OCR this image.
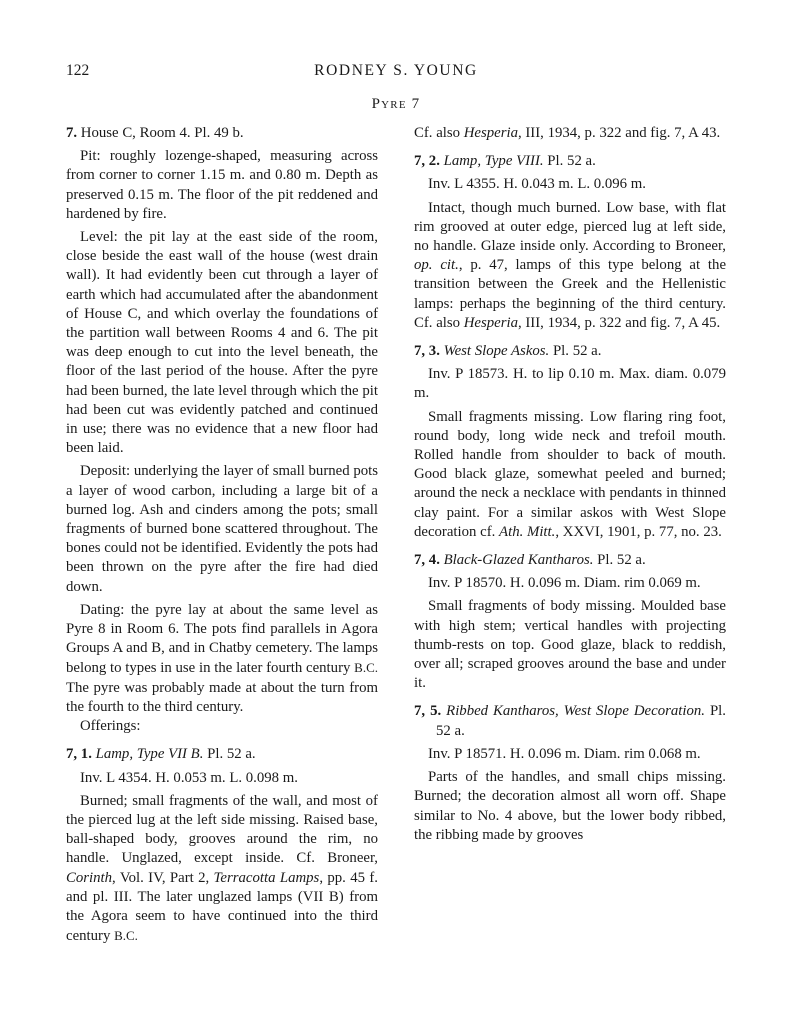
122	RODNEY S. YOUNG
Pyre 7

7. House C, Room 4. Pl. 49 b.

Pit: roughly lozenge-shaped, measuring across from corner to corner 1.15 m. and 0.80 m. Depth as preserved 0.15 m. The floor of the pit reddened and hardened by fire.

Level: the pit lay at the east side of the room, close beside the east wall of the house (west drain wall). It had evidently been cut through a layer of earth which had accumulated after the abandonment of House C, and which overlay the foundations of the partition wall between Rooms 4 and 6. The pit was deep enough to cut into the level beneath, the floor of the last period of the house. After the pyre had been burned, the late level through which the pit had been cut was evidently patched and continued in use; there was no evidence that a new floor had been laid.

Deposit: underlying the layer of small burned pots a layer of wood carbon, including a large bit of a burned log. Ash and cinders among the pots; small fragments of burned bone scattered throughout. The bones could not be identified. Evidently the pots had been thrown on the pyre after the fire had died down.

Dating: the pyre lay at about the same level as Pyre 8 in Room 6. The pots find parallels in Agora Groups A and B, and in Chatby cemetery. The lamps belong to types in use in the later fourth century B.C. The pyre was probably made at about the turn from the fourth to the third century.

Offerings:

7, 1. Lamp, Type VII B. Pl. 52 a.

Inv. L 4354. H. 0.053 m. L. 0.098 m.

Burned; small fragments of the wall, and most of the pierced lug at the left side missing. Raised base, ball-shaped body, grooves around the rim, no handle. Unglazed, except inside. Cf. Broneer, Corinth, Vol. IV, Part 2, Terracotta Lamps, pp. 45 f. and pl. III. The later unglazed lamps (VII B) from the Agora seem to have continued into the third century B.C.

Cf. also Hesperia, III, 1934, p. 322 and fig. 7, A 43.

7, 2. Lamp, Type VIII. Pl. 52 a.

Inv. L 4355. H. 0.043 m. L. 0.096 m.

Intact, though much burned. Low base, with flat rim grooved at outer edge, pierced lug at left side, no handle. Glaze inside only. According to Broneer, op. cit., p. 47, lamps of this type belong at the transition between the Greek and the Hellenistic lamps: perhaps the beginning of the third century. Cf. also Hesperia, III, 1934, p. 322 and fig. 7, A 45.

7, 3. West Slope Askos. Pl. 52 a.

Inv. P 18573. H. to lip 0.10 m. Max. diam. 0.079 m.

Small fragments missing. Low flaring ring foot, round body, long wide neck and trefoil mouth. Rolled handle from shoulder to back of mouth. Good black glaze, somewhat peeled and burned; around the neck a necklace with pendants in thinned clay paint. For a similar askos with West Slope decoration cf. Ath. Mitt., XXVI, 1901, p. 77, no. 23.

7, 4. Black-Glazed Kantharos. Pl. 52 a.

Inv. P 18570. H. 0.096 m. Diam. rim 0.069 m.

Small fragments of body missing. Moulded base with high stem; vertical handles with projecting thumb-rests on top. Good glaze, black to reddish, over all; scraped grooves around the base and under it.

7, 5. Ribbed Kantharos, West Slope Decoration. Pl. 52 a.

Inv. P 18571. H. 0.096 m. Diam. rim 0.068 m.

Parts of the handles, and small chips missing. Burned; the decoration almost all worn off. Shape similar to No. 4 above, but the lower body ribbed, the ribbing made by grooves
